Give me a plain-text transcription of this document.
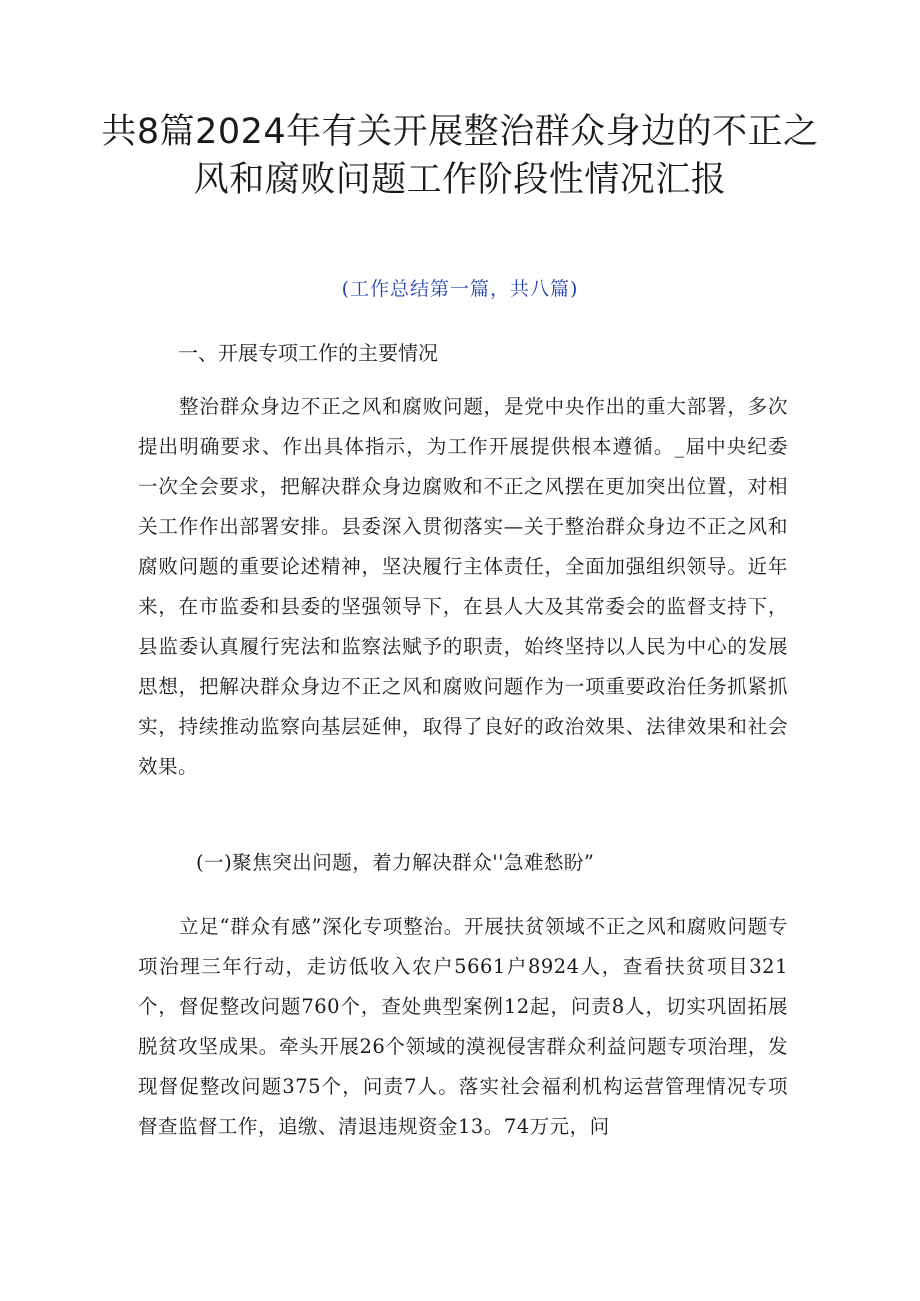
共8篇2024年有关开展整治群众身边的不正之风和腐败问题工作阶段性情况汇报
(工作总结第一篇，共八篇)
一、开展专项工作的主要情况

整治群众身边不正之风和腐败问题，是党中央作出的重大部署，多次提出明确要求、作出具体指示，为工作开展提供根本遵循。_届中央纪委一次全会要求，把解决群众身边腐败和不正之风摆在更加突出位置，对相关工作作出部署安排。县委深入贯彻落实—关于整治群众身边不正之风和腐败问题的重要论述精神，坚决履行主体责任，全面加强组织领导。近年来，在市监委和县委的坚强领导下，在县人大及其常委会的监督支持下，县监委认真履行宪法和监察法赋予的职责，始终坚持以人民为中心的发展思想，把解决群众身边不正之风和腐败问题作为一项重要政治任务抓紧抓实，持续推动监察向基层延伸，取得了良好的政治效果、法律效果和社会效果。

(一)聚焦突出问题，着力解决群众''急难愁盼”

立足“群众有感”深化专项整治。开展扶贫领域不正之风和腐败问题专项治理三年行动，走访低收入农户5661户8924人，查看扶贫项目321个，督促整改问题760个，查处典型案例12起，问责8人，切实巩固拓展脱贫攻坚成果。牵头开展26个领域的漠视侵害群众利益问题专项治理，发现督促整改问题375个，问责7人。落实社会福利机构运营管理情况专项督查监督工作，追缴、清退违规资金13。74万元，问
